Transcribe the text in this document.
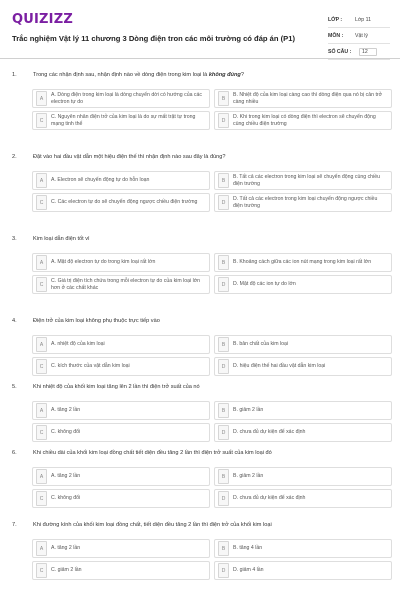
QUIZIZZ
Trắc nghiệm Vật lý 11 chương 3 Dòng điện tron các môi trường có đáp án (P1)
LỚP :	Lớp 11
MÔN :	Vật lý
SỐ CÂU :	12
1.	Trong các nhận định sau, nhận định nào về dòng điện trong kim loại là không đúng?
A
A. Dòng điện trong kim loại là dòng chuyển dời có hướng của các electron tự do	B
B. Nhiệt độ của kim loại càng cao thì dòng điện qua nó bị cản trở càng nhiều
C
C. Nguyên nhân điện trở của kim loại là do sự mất trật tự trong mạng tinh thể	D
D. Khi trong kim loại có dòng điện thì electron sẽ chuyển động cùng chiều điện trường
2.	Đặt vào hai đầu vật dẫn một hiệu điện thế thì nhận định nào sau đây là đúng?
A	A. Electron sẽ chuyển động tự do hỗn loạn	B
B. Tất cả các electron trong kim loại sẽ chuyển động cùng chiều điện trường
C	C. Các electron tự do sẽ chuyển động ngược chiều điện trường	D
D. Tất cả các electron trong kim loại chuyển động ngược chiều điện trường
3.	Kim loại dẫn điện tốt vì
A	A. Mật độ electron tự do trong kim loại rất lớn	B	B. Khoảng cách giữa các ion nút mạng trong kim loại rất lớn
C
C. Giá trị điện tích chứa trong mỗi electron tự do của kim loại lớn hơn ở các chất khác	D	D. Mật độ các ion tự do lớn
4.	Điện trở của kim loại không phụ thuộc trực tiếp vào
A	A. nhiệt độ của kim loại	B	B. bản chất của kim loại
C	C. kích thước của vật dẫn kim loại	D	D. hiệu điện thế hai đầu vật dẫn kim loại
5.	Khi nhiệt độ của khối kim loại tăng lên 2 lần thì điện trở suất của nó
A	A. tăng 2 lần	B	B. giảm 2 lần
C	C. không đổi	D	D. chưa đủ dự kiện để xác định
6.	Khi chiều dài của khối kim loại đồng chất tiết diện đều tăng 2 lần thì điện trở suất của kim loại đó
A	A. tăng 2 lần	B	B. giảm 2 lần
C	C. không đổi	D	D. chưa đủ dự kiện để xác định
7.	Khi đường kính của khối kim loại đồng chất, tiết diện đều tăng 2 lần thì điện trở của khối kim loại
A	A. tăng 2 lần	B	B. tăng 4 lần
C	C. giảm 2 lần	D	D. giảm 4 lần
